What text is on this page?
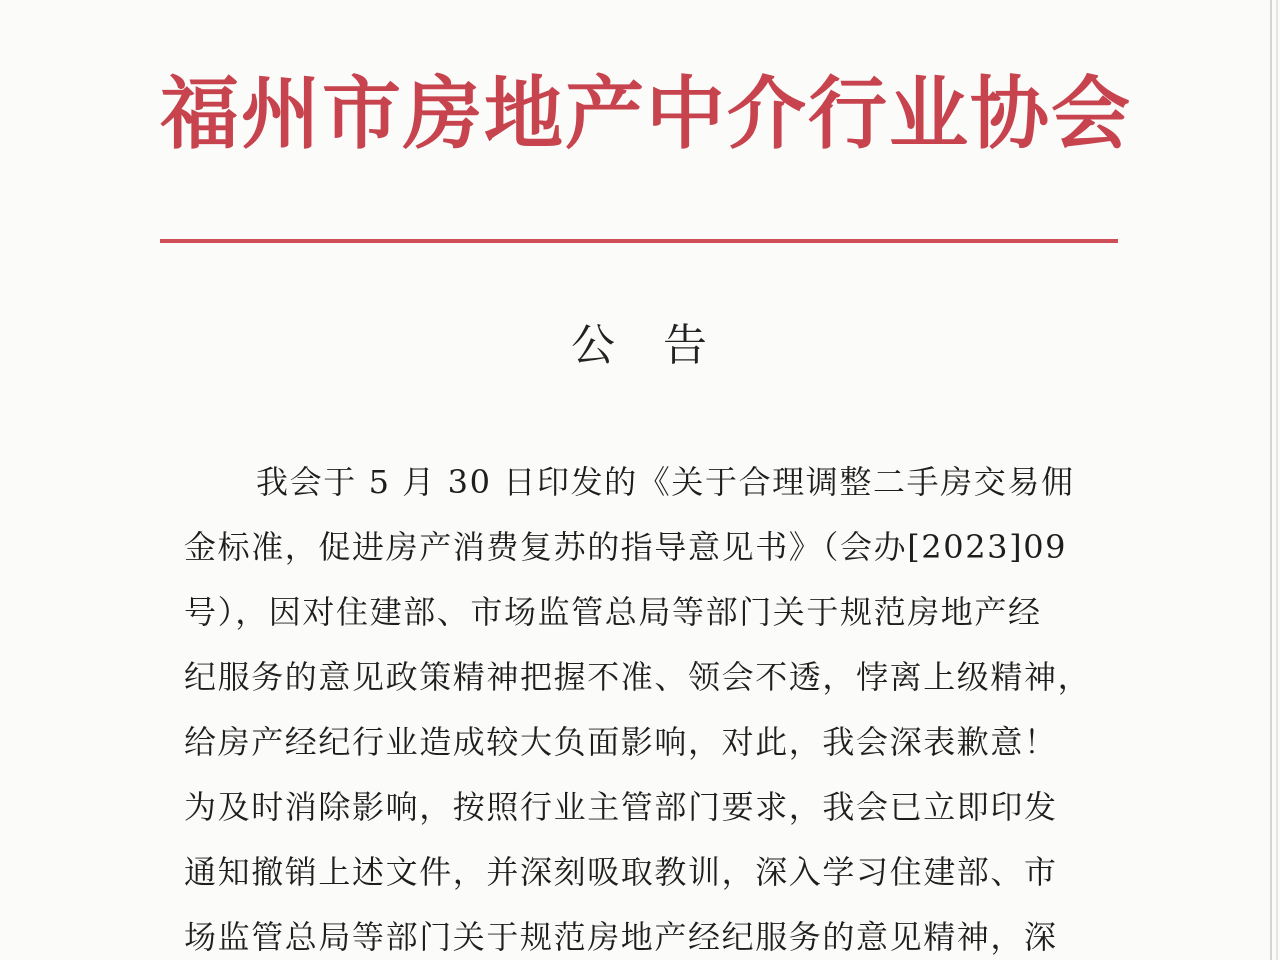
福州市房地产中介行业协会
公　告
我会于 5 月 30 日印发的《关于合理调整二手房交易佣
金标准，促进房产消费复苏的指导意见书》（会办[2023]09
号），因对住建部、市场监管总局等部门关于规范房地产经
纪服务的意见政策精神把握不准、领会不透，悖离上级精神，
给房产经纪行业造成较大负面影响，对此，我会深表歉意！
为及时消除影响，按照行业主管部门要求，我会已立即印发
通知撤销上述文件，并深刻吸取教训，深入学习住建部、市
场监管总局等部门关于规范房地产经纪服务的意见精神，深
